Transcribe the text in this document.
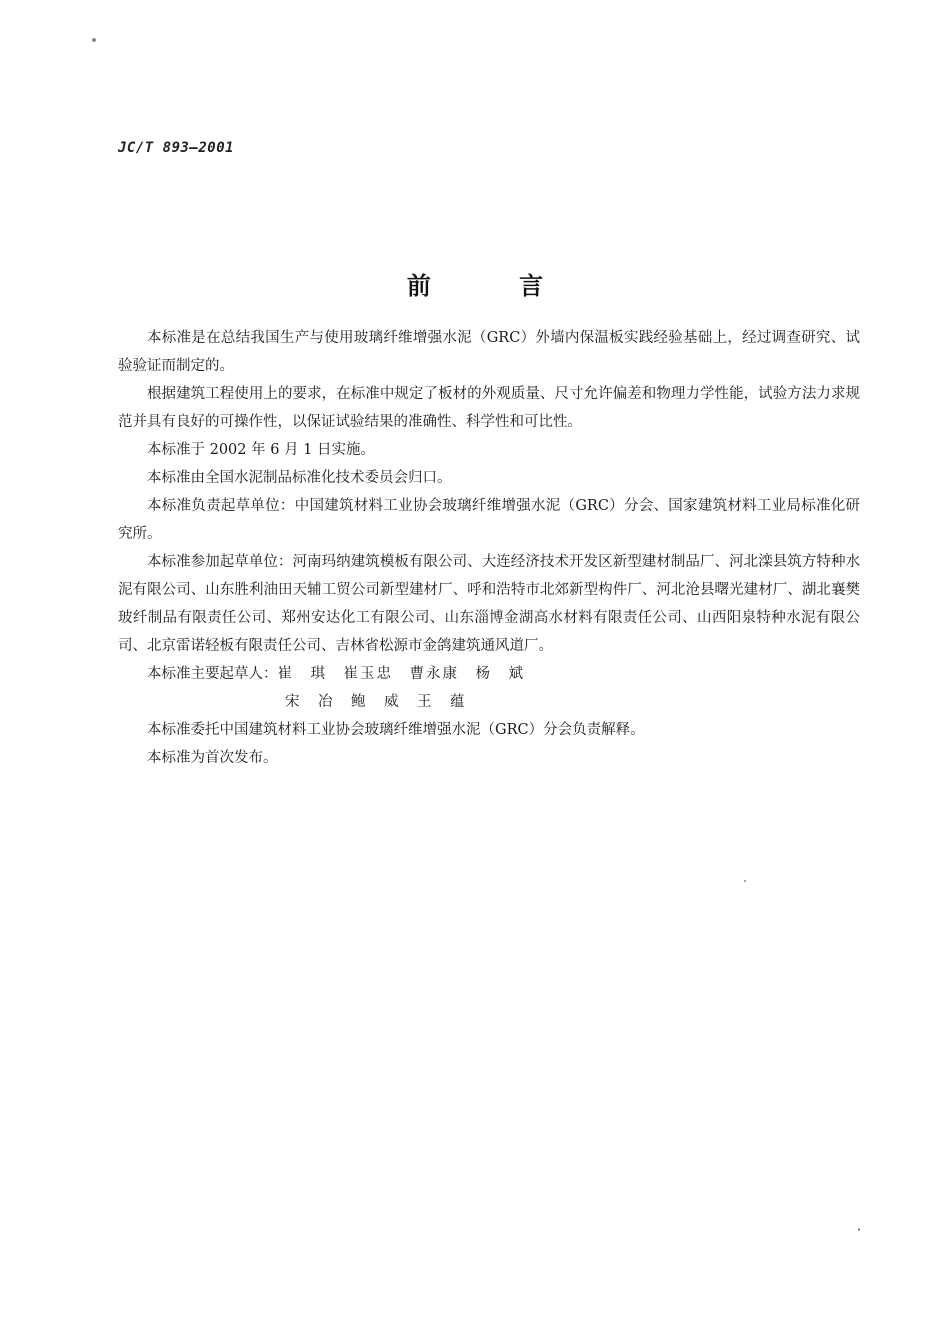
JC/T 893—2001
前 言

本标准是在总结我国生产与使用玻璃纤维增强水泥（GRC）外墙内保温板实践经验基础上，经过调查研究、试验验证而制定的。

根据建筑工程使用上的要求，在标准中规定了板材的外观质量、尺寸允许偏差和物理力学性能，试验方法力求规范并具有良好的可操作性，以保证试验结果的准确性、科学性和可比性。

本标准于 2002 年 6 月 1 日实施。

本标准由全国水泥制品标准化技术委员会归口。

本标准负责起草单位：中国建筑材料工业协会玻璃纤维增强水泥（GRC）分会、国家建筑材料工业局标准化研究所。

本标准参加起草单位：河南玛纳建筑模板有限公司、大连经济技术开发区新型建材制品厂、河北滦县筑方特种水泥有限公司、山东胜利油田天辅工贸公司新型建材厂、呼和浩特市北郊新型构件厂、河北沧县曙光建材厂、湖北襄樊玻纤制品有限责任公司、郑州安达化工有限公司、山东淄博金湖高水材料有限责任公司、山西阳泉特种水泥有限公司、北京雷诺轻板有限责任公司、吉林省松源市金鸽建筑通风道厂。

本标准主要起草人：崔　琪　崔玉忠　曹永康　杨　斌

宋　冶　鲍　威　王　蕴

本标准委托中国建筑材料工业协会玻璃纤维增强水泥（GRC）分会负责解释。

本标准为首次发布。
